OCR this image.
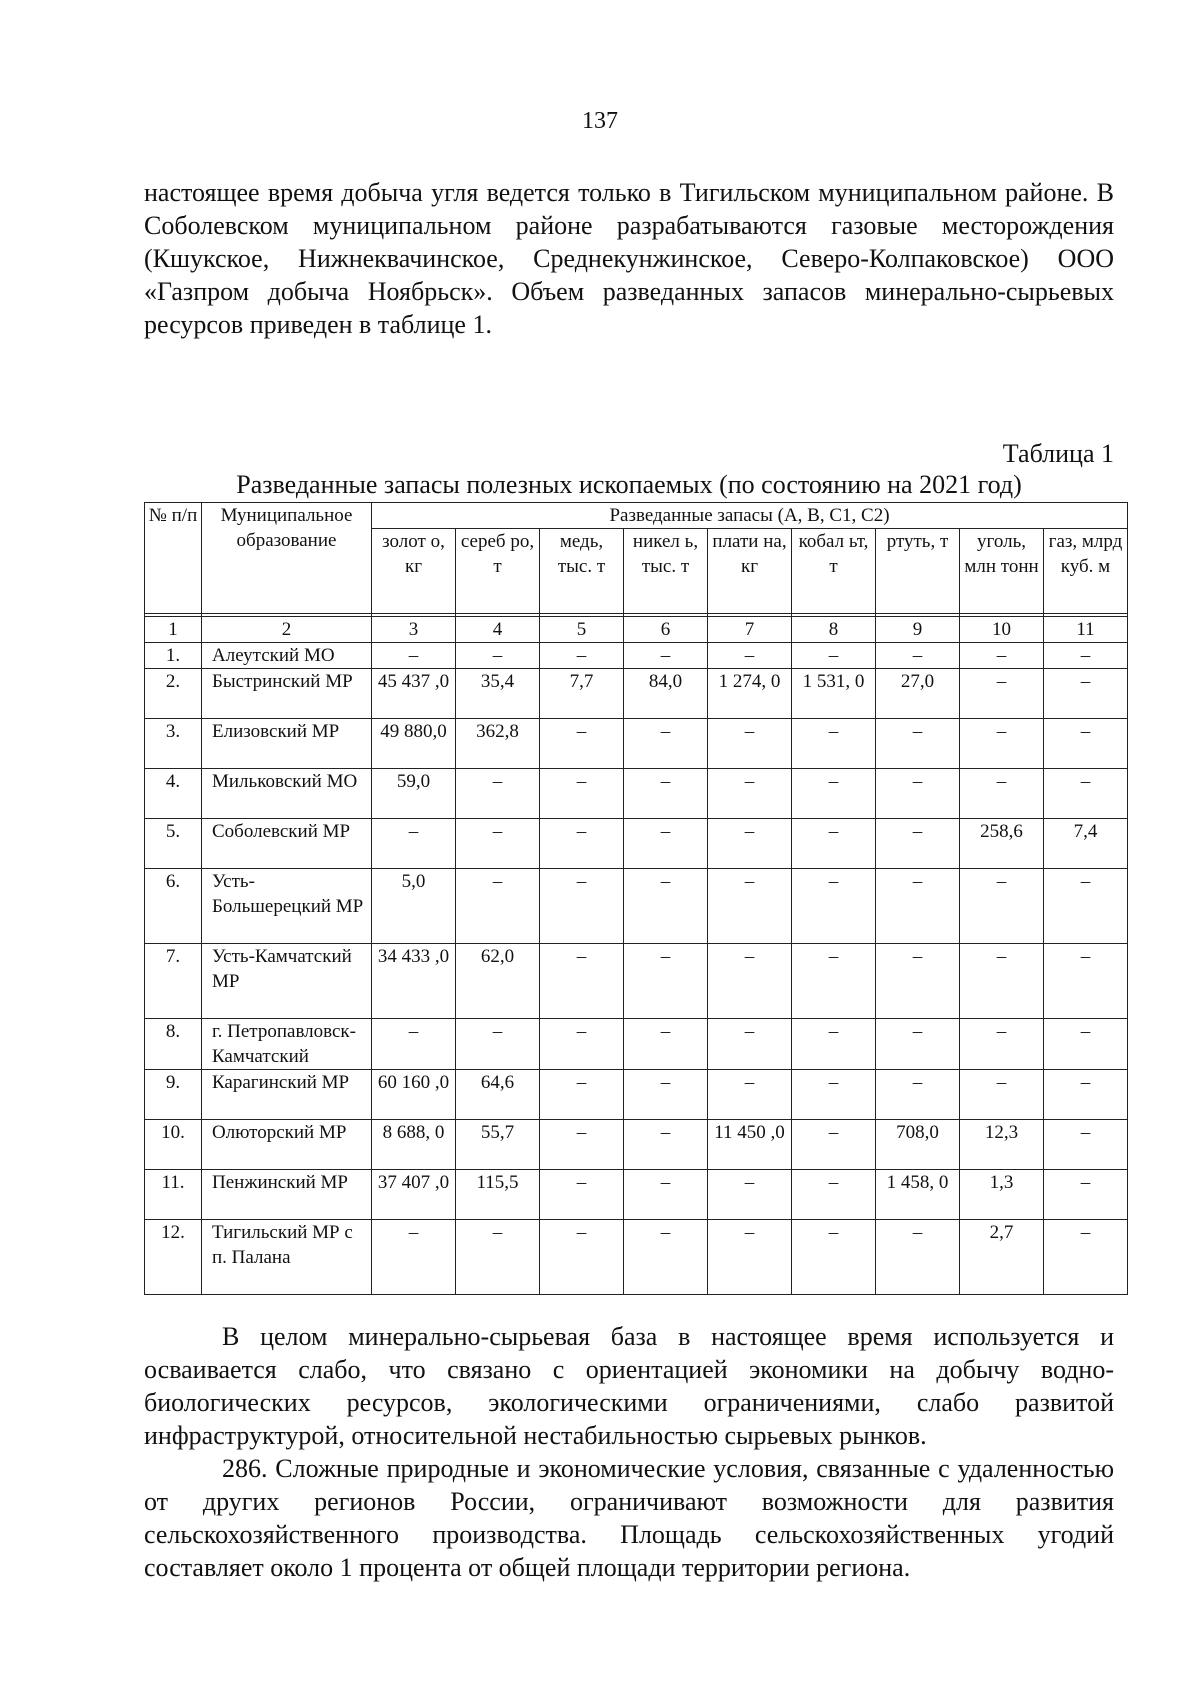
137

настоящее время добыча угля ведется только в Тигильском муниципальном районе. В Соболевском муниципальном районе разрабатываются газовые месторождения (Кшукское, Нижнеквачинское, Среднекунжинское, Северо-Колпаковское) ООО «Газпром добыча Ноябрьск». Объем разведанных запасов минерально-сырьевых ресурсов приведен в таблице 1.

Таблица 1
Разведанные запасы полезных ископаемых (по состоянию на 2021 год)
№ п/п	Муниципальное образование	Разведанные запасы (A, B, C1, C2)								
		золот о, кг	сереб ро, т	медь, тыс. т	никел ь, тыс. т	плати на, кг	кобал ьт, т	ртуть, т	уголь, млн тонн	газ, млрд куб. м

1	2	3	4	5	6	7	8	9	10	11
1.	Алеутский МО	–	–	–	–	–	–	–	–	–
2.	Быстринский МР	45 437 ,0	35,4	7,7	84,0	1 274, 0	1 531, 0	27,0	–	–
3.	Елизовский МР	49 880,0	362,8	–	–	–	–	–	–	–
4.	Мильковский МО	59,0	–	–	–	–	–	–	–	–
5.	Соболевский МР	–	–	–	–	–	–	–	258,6	7,4
6.	Усть-Большерецкий МР	5,0	–	–	–	–	–	–	–	–
7.	Усть-Камчатский МР	34 433 ,0	62,0	–	–	–	–	–	–	–
8.	г. Петропавловск-Камчатский	–	–	–	–	–	–	–	–	–
9.	Карагинский МР	60 160 ,0	64,6	–	–	–	–	–	–	–
10.	Олюторский МР	8 688, 0	55,7	–	–	11 450 ,0	–	708,0	12,3	–
11.	Пенжинский МР	37 407 ,0	115,5	–	–	–	–	1 458, 0	1,3	–
12.	Тигильский МР с п. Палана	–	–	–	–	–	–	–	2,7	–

В целом минерально-сырьевая база в настоящее время используется и осваивается слабо, что связано с ориентацией экономики на добычу водно-биологических ресурсов, экологическими ограничениями, слабо развитой инфраструктурой, относительной нестабильностью сырьевых рынков.

286. Сложные природные и экономические условия, связанные с удаленностью от других регионов России, ограничивают возможности для развития сельскохозяйственного производства. Площадь сельскохозяйственных угодий составляет около 1 процента от общей площади территории региона.
